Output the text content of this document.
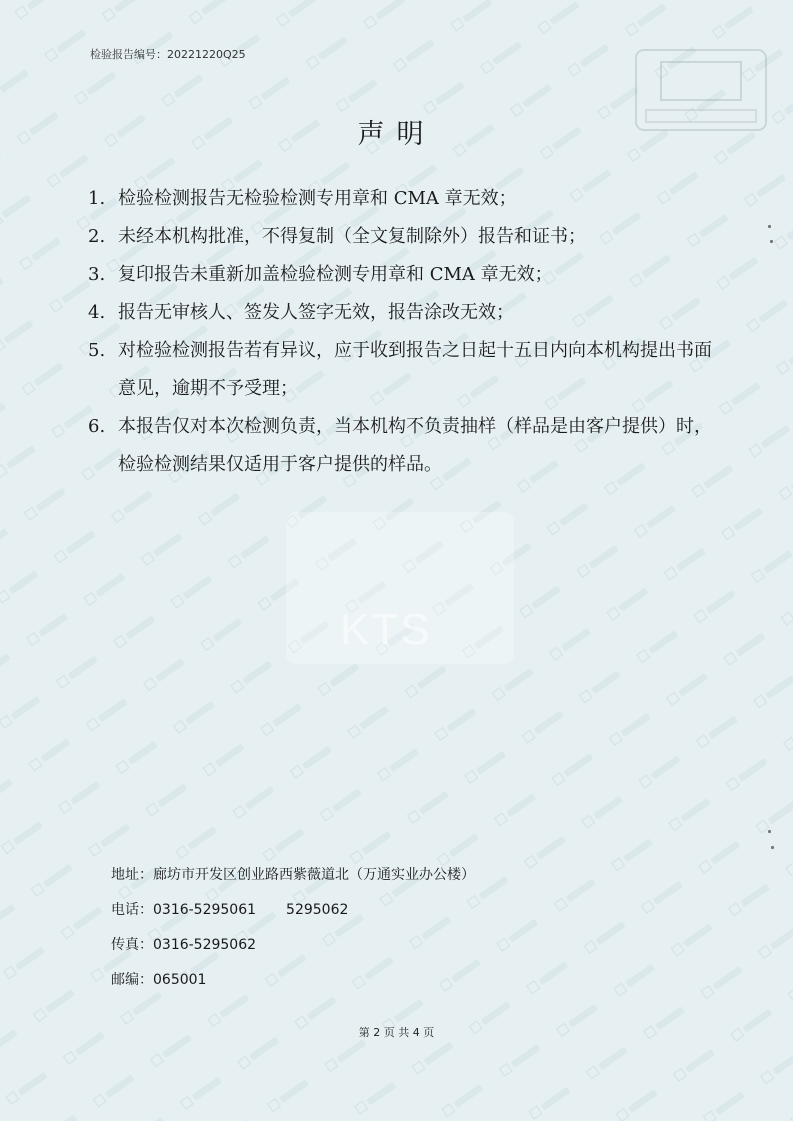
KTS
检验报告编号：20221220Q25
声明
1. 检验检测报告无检验检测专用章和 CMA 章无效；
2. 未经本机构批准，不得复制（全文复制除外）报告和证书；
3. 复印报告未重新加盖检验检测专用章和 CMA 章无效；
4. 报告无审核人、签发人签字无效，报告涂改无效；
5. 对检验检测报告若有异议，应于收到报告之日起十五日内向本机构提出书面意见，逾期不予受理；
6. 本报告仅对本次检测负责，当本机构不负责抽样（样品是由客户提供）时，检验检测结果仅适用于客户提供的样品。
地址：廊坊市开发区创业路西紫薇道北（万通实业办公楼）
电话：0316-5295061 5295062
传真：0316-5295062
邮编：065001
第 2 页 共 4 页
